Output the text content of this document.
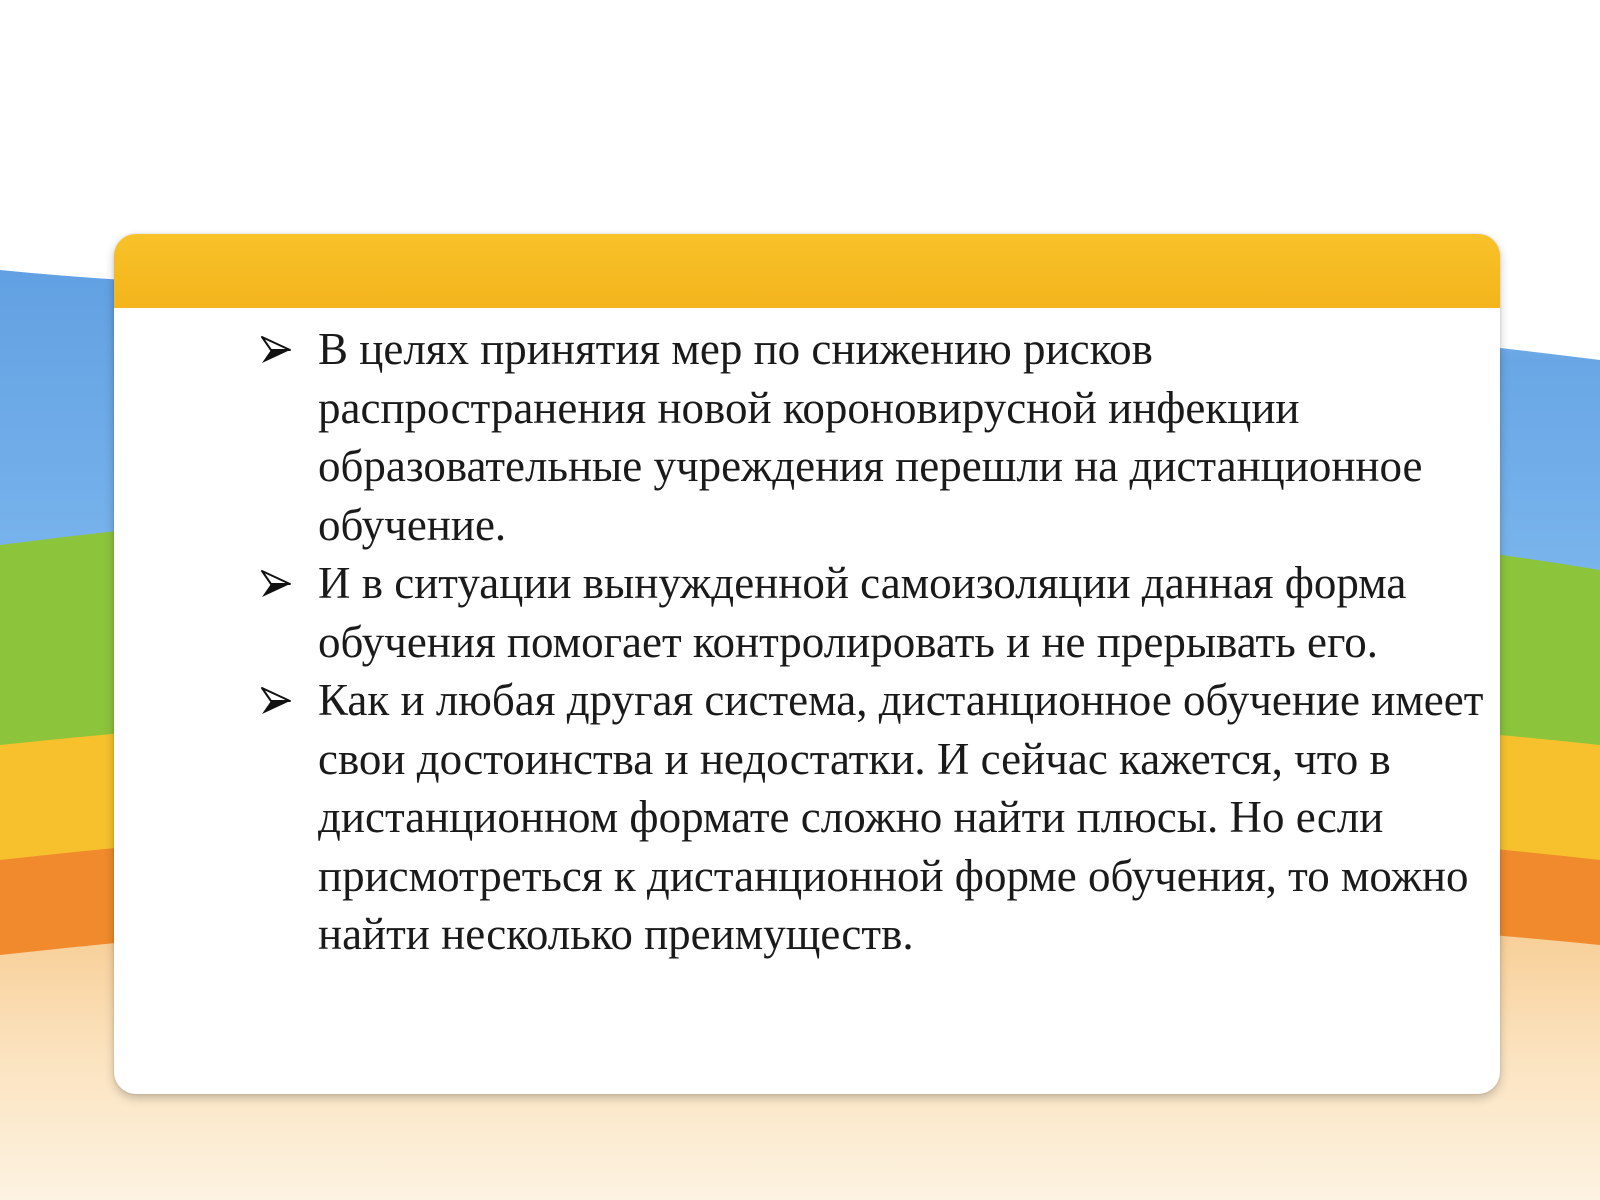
В целях принятия мер по снижению рисков распространения новой короновирусной инфекции образовательные учреждения перешли на дистанционное обучение.
И в ситуации вынужденной самоизоляции данная форма обучения помогает контролировать и не прерывать его.
Как и любая другая система, дистанционное обучение имеет свои достоинства и недостатки. И сейчас кажется, что в дистанционном формате сложно найти плюсы. Но если присмотреться к дистанционной форме обучения, то можно найти несколько преимуществ.
